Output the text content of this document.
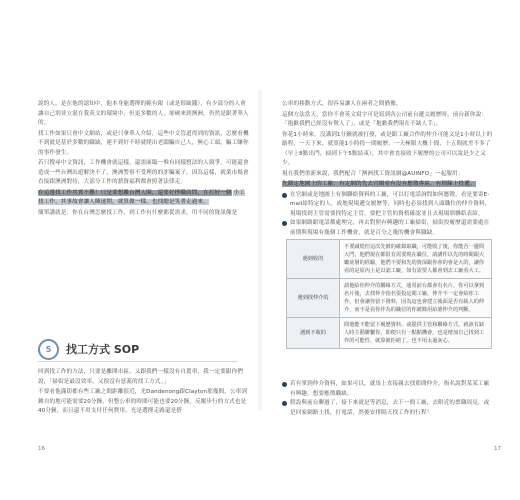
說的人，是在他的認知中，他本身能選擇的範有限（或是很缺錢），有少部分的人會讓自己別並立混在我英文的環境中，但更多數的人，卻硬來到澳洲，仍然是跟著華人的。

找工作如果只會中文網站，或是只拿華人介紹，這些中文管道得到的資訊，怎麼看機不到就是基於多數的職缺，連不到好不時就爬出老闆騙自己人，無心工頭，騙工賺你的事作發生。

若只搜尋中文資訊，工作機會就這樣，還需面臨一堆有同樣想法的人競爭，可能還會造成一些台灣出遊解決不了，澳洲警察不受理的的詐騙案子，因為這樣，就業市場會直接跟澳洲對待，大部分工作的薪資福利都會照著法律走。

在這邊找工作其實不難！只是要想離台灣人圈，還要好掙職商問，在打好一個 小工找工作，其事故會讓人陳迷開，就算做一樣，也找總是笑著走過來。

簡單講就是：你在台灣怎麼找工作，到工作有什麼都從需求，用不同的資訊像是

5	找工方式 SOP

回到找工作的方法，只要是離開市區，又跟我們一樣沒有自駕車，我一定要跟你們說，「掃街是最沒效率，又很沒有意義的找工方式。」

不要看他滿街都有些工廠之間距離很近，光Dandenong跟Clayton那幾間，公車到鍾自的地可能需要20分鐘，但整公車的時間可能也要20分鐘，反覆步行的方式也是40分鐘，而且還不用支付任何費用。光是選擇走路還是搭

16

公車的移動方式，很容易讓人在兩者之間猶豫。

這個方法當天，當你不會英文寫字可是寫到各公司前台遞交履歷時，前台新你說：「抱歉我們已經沒有徵人了」，或是「抱歉我們現在不缺人手」。

你花1小時來，沒講到1分鐘就被打發，或是跟工廠合作的仲介可能又是1小時以上的路程，一天下來，就算能1小時投一間履歷，一天極限大概十間，十五間就差不多了（早上8點出門，掃到下午5點結束），其中會直接收下履歷的公司可以說是少之又少。

現在我們重新來說，我們配合「澳洲找工資訊網@AUINFO」一起服用：

先篩定地圖上的工廠：有定網的先去官網看有沒有應徵專區，有則線上投遞。

在官網或是地圖上有個聯絡資料的工廠，可以打電話詢問如何應徵，看是要寄E-mail給特定的人，或地現場遞交履歷等，同時也必須找到人頭職位的仲介資料，現場找到主管需要找特定主管，要把主管的資格確認並且去現場填聯絡表給。
如果網路跟電話都處理完，再去對照有興趣的工廠掃街，掃街投履歷還需要處在前期與現場有幾個工作機會，就是百分之幾的機會與職缺。
遇到收的	不要誠慌但這次先被的確錄取職，可能收了後，你能否一邊問大門，他們現在都很有需要現在職位，請講件以先的時間跟大廳底層的經驗，他們不要和先的資深跟你會的會是大的，讓你看的是原內上是以認工廠，如有需要人都會到去工廠看大工。
遇到找仲介的	請他給你仲介的聯絡方式，通常前台都會有名片，你可以拿到名片後，去找仲介指名要投這間工廠，仲介不一定會給你工作，但會讓你留下資料，因為這也會建立後面是否有缺人的仲介，而不是看你作為的職位的你被錄用給誰仲介的判斷。
遇到不收的	問他能不能留下履歷資料，或提供主管和聯絡方式，就該有缺人時主動聯繫你，即便只有一點點機會，也是增加自己找到工作的可能性，就算被拒絕了，也不用太過灰心。
若有掌到仲介資料，如果可以，就馬上直接親去找那間仲介，指名說對某某工廠有興趣，想要應徵職缺。
假設與前台聊過了，接下來就是等消息，去下一間工廠，去附近的票職周見，或是回家網路上找，打電話，然後安排隔天找工作的行程！
17
